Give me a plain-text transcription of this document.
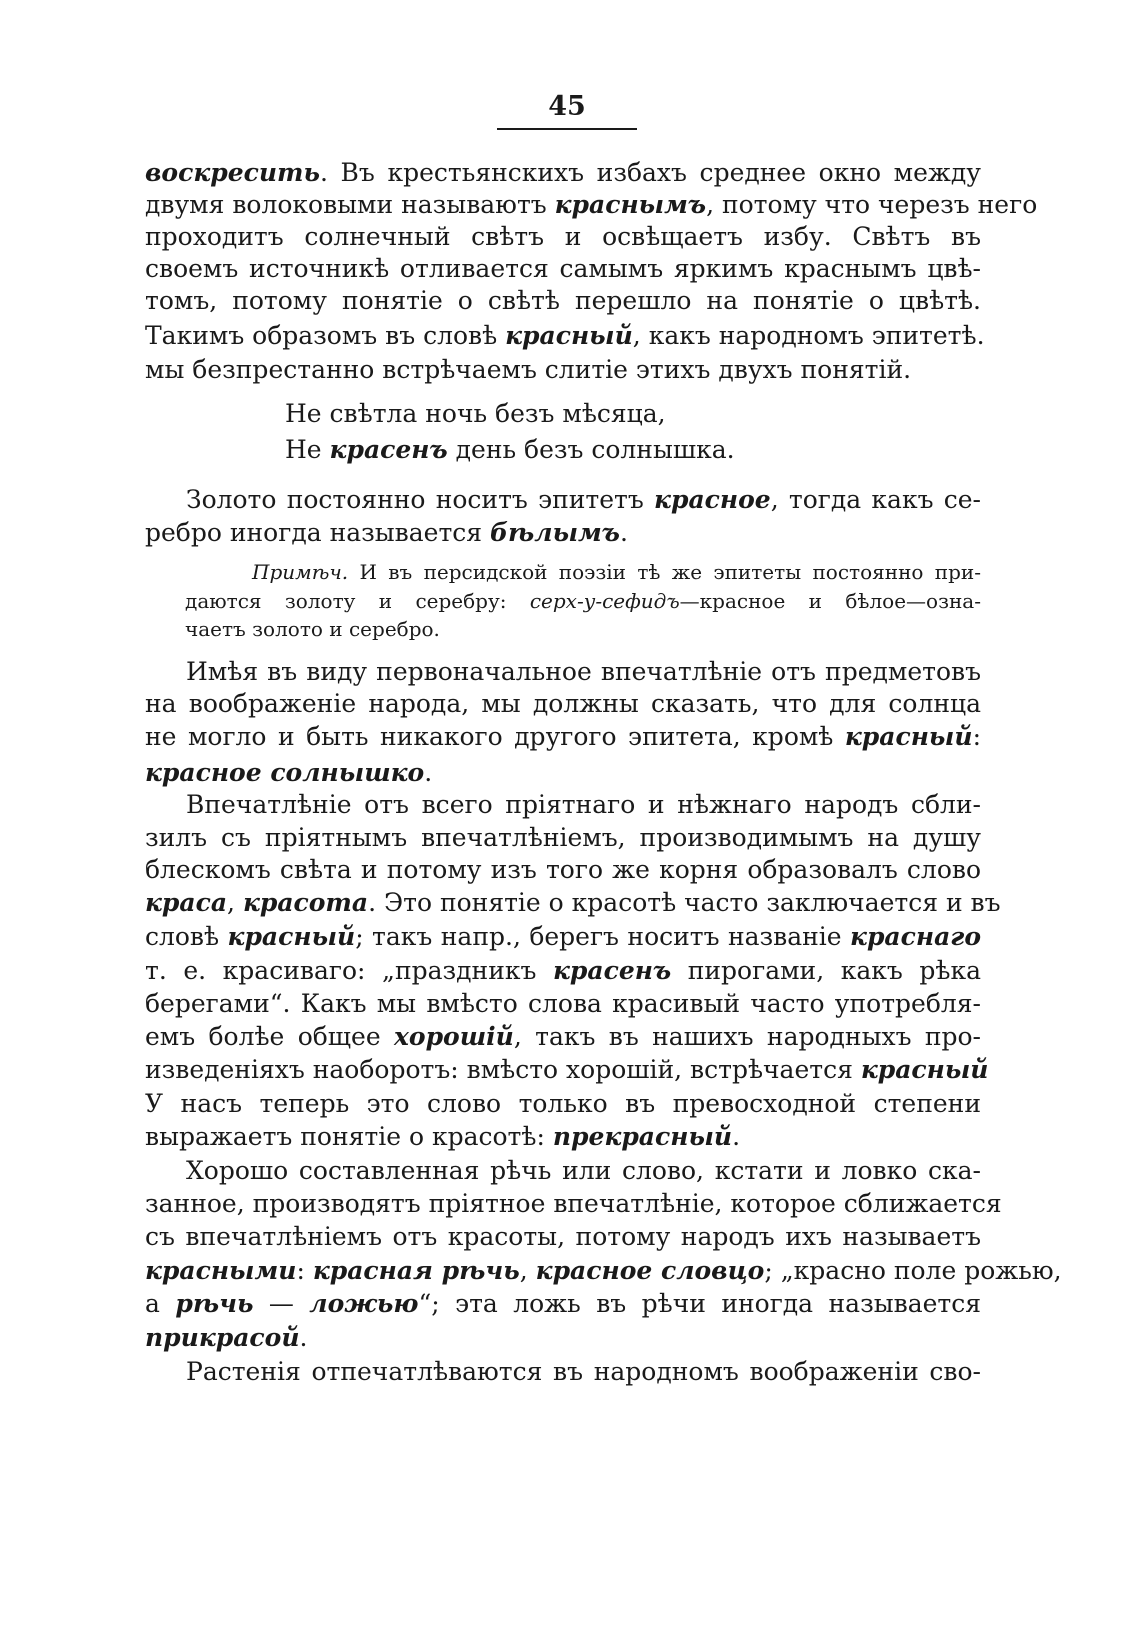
45

воскресить. Въ крестьянскихъ избахъ среднее окно между

двумя волоковыми называютъ краснымъ, потому что черезъ него

проходитъ солнечный свѣтъ и освѣщаетъ избу. Свѣтъ въ

своемъ источникѣ отливается самымъ яркимъ краснымъ цвѣ-

томъ, потому понятіе о свѣтѣ перешло на понятіе о цвѣтѣ.

Такимъ образомъ въ словѣ красный, какъ народномъ эпитетѣ.

мы безпрестанно встрѣчаемъ слитіе этихъ двухъ понятій.

Не свѣтла ночь безъ мѣсяца,

Не красенъ день безъ солнышка.

Золото постоянно носитъ эпитетъ красное, тогда какъ се-

ребро иногда называется бѣлымъ.

Примѣч. И въ персидской поэзіи тѣ же эпитеты постоянно при-

даются золоту и серебру: серх-у-сефидъ—красное и бѣлое—озна-

чаетъ золото и серебро.

Имѣя въ виду первоначальное впечатлѣніе отъ предметовъ

на воображеніе народа, мы должны сказать, что для солнца

не могло и быть никакого другого эпитета, кромѣ красный:

красное солнышко.

Впечатлѣніе отъ всего пріятнаго и нѣжнаго народъ сбли-

зилъ съ пріятнымъ впечатлѣніемъ, производимымъ на душу

блескомъ свѣта и потому изъ того же корня образовалъ слово

краса, красота. Это понятіе о красотѣ часто заключается и въ

словѣ красный; такъ напр., берегъ носитъ названіе краснаго

т. е. красиваго: „праздникъ красенъ пирогами, какъ рѣка

берегами“. Какъ мы вмѣсто слова красивый часто употребля-

емъ болѣе общее хорошій, такъ въ нашихъ народныхъ про-

изведеніяхъ наоборотъ: вмѣсто хорошій, встрѣчается красный

У насъ теперь это слово только въ превосходной степени

выражаетъ понятіе о красотѣ: прекрасный.

Хорошо составленная рѣчь или слово, кстати и ловко ска-

занное, производятъ пріятное впечатлѣніе, которое сближается

съ впечатлѣніемъ отъ красоты, потому народъ ихъ называетъ

красными: красная рѣчь, красное словцо; „красно поле рожью,

а рѣчь — ложью“; эта ложь въ рѣчи иногда называется

прикрасой.

Растенія отпечатлѣваются въ народномъ воображеніи сво-
